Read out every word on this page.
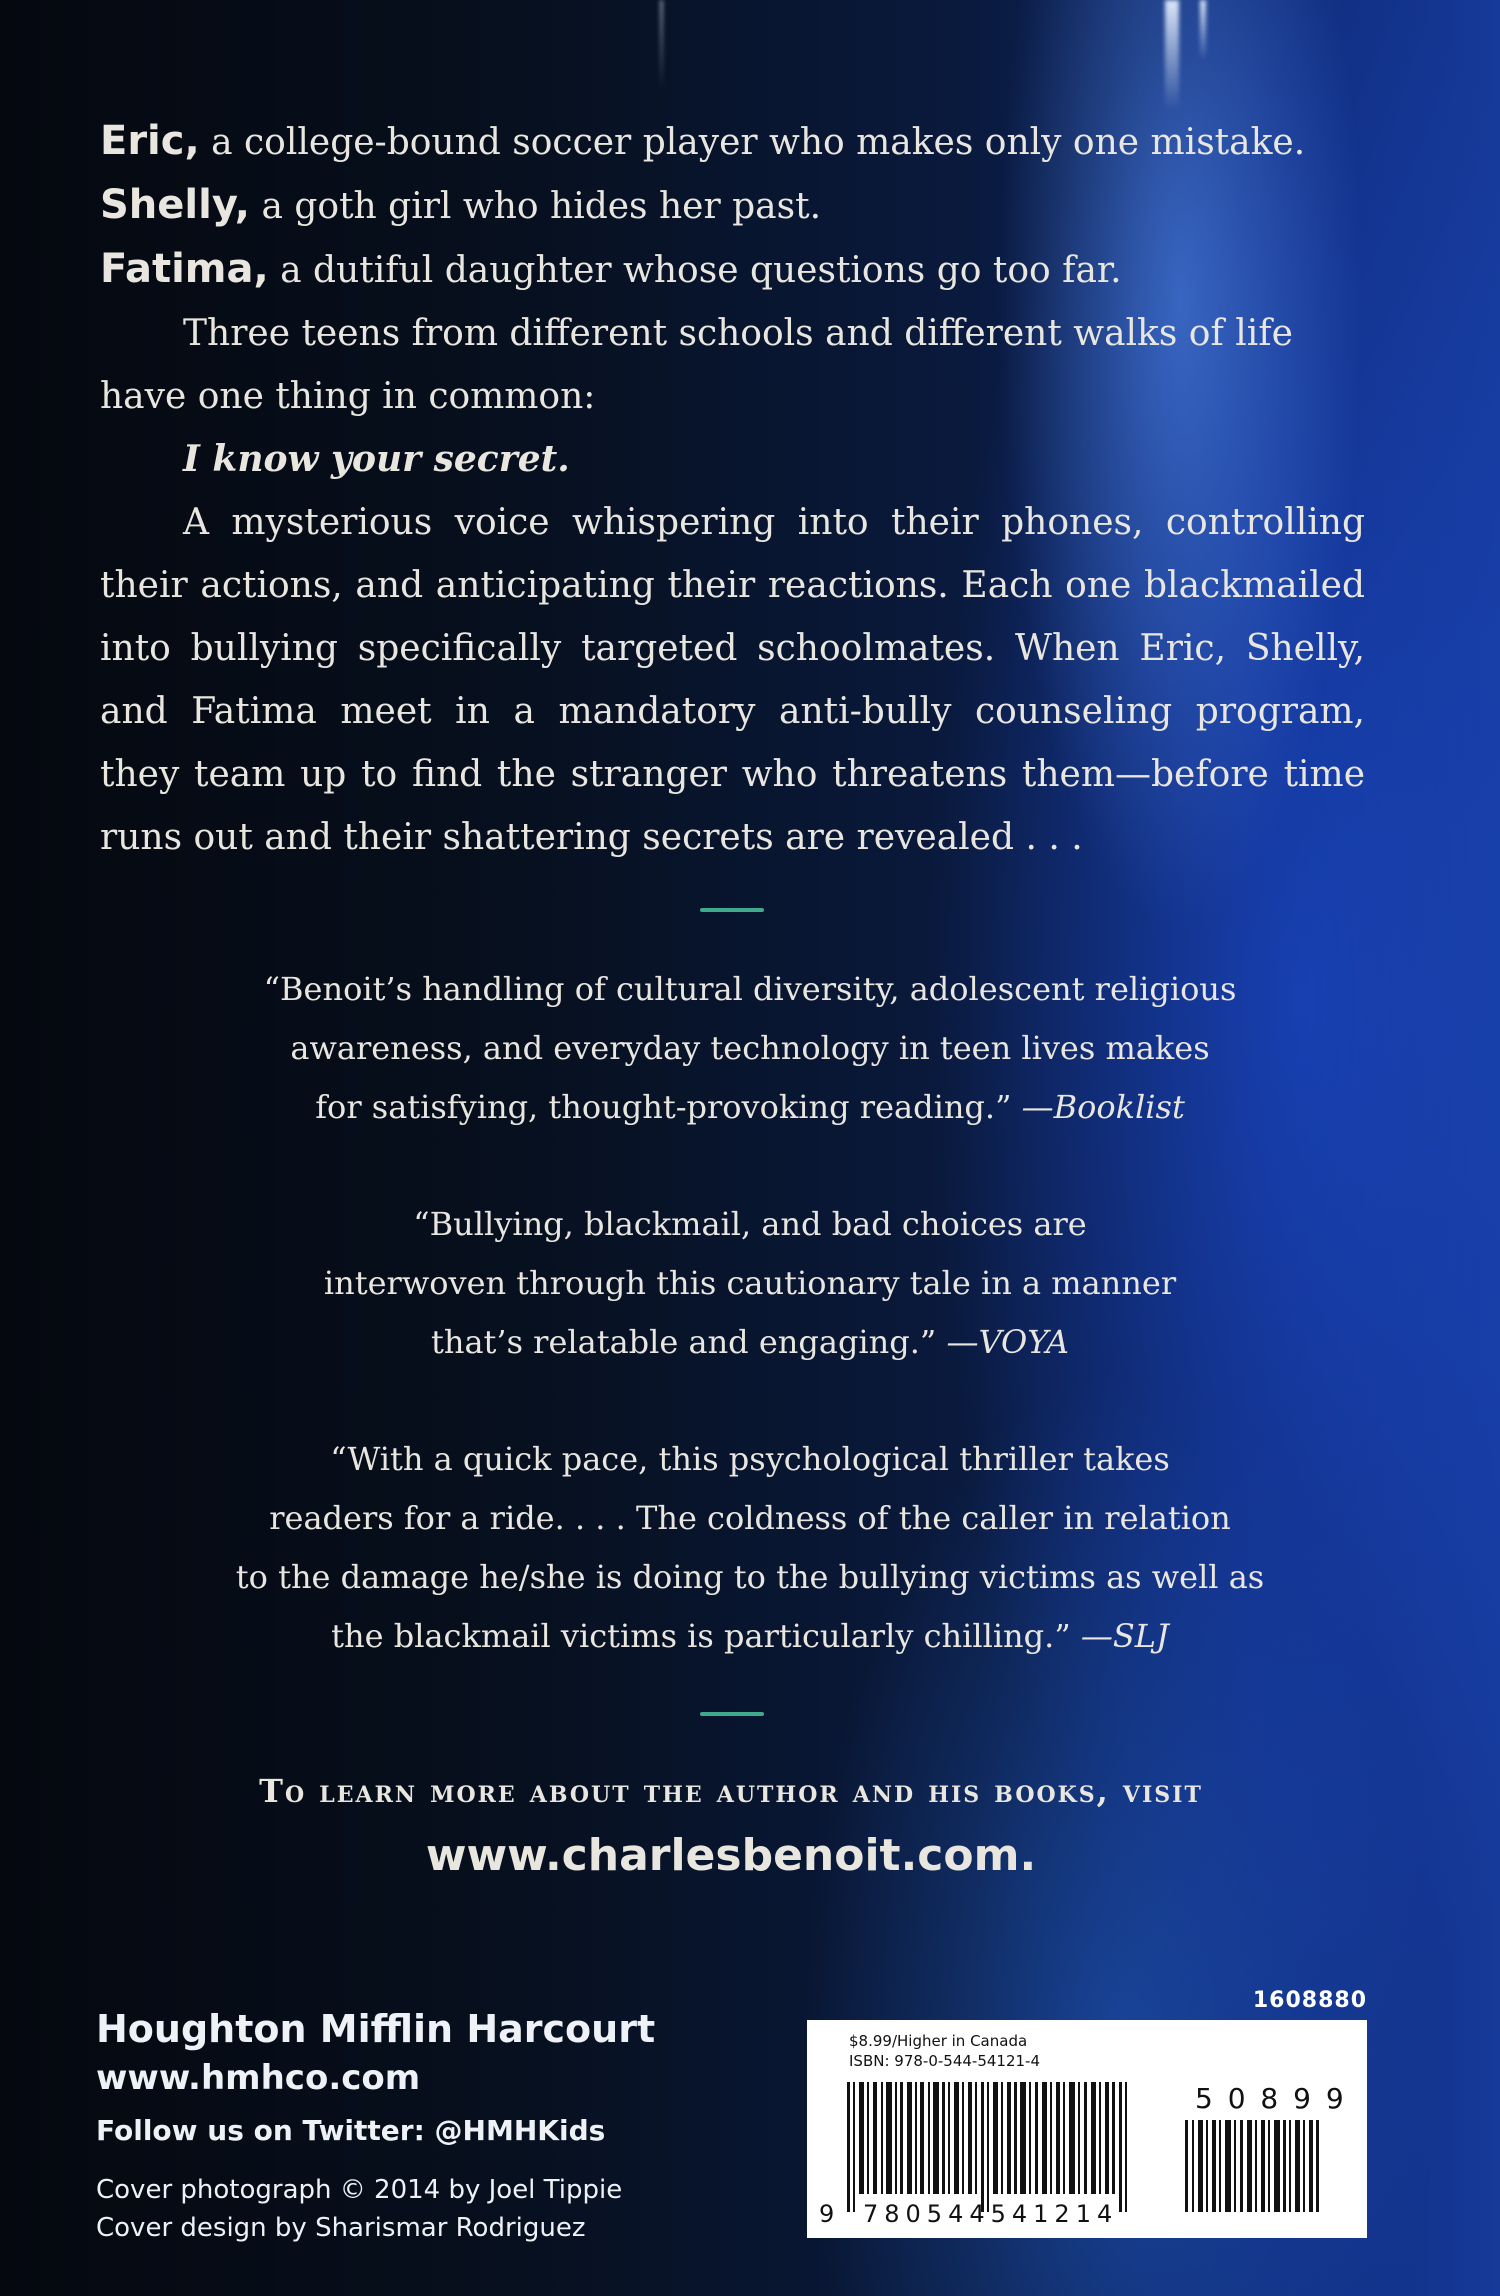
Eric, a college-bound soccer player who makes only one mistake.
Shelly, a goth girl who hides her past.
Fatima, a dutiful daughter whose questions go too far.
Three teens from different schools and different walks of life
have one thing in common:
I know your secret.
A mysterious voice whispering into their phones, controlling
their actions, and anticipating their reactions. Each one blackmailed
into bullying specifically targeted schoolmates. When Eric, Shelly,
and Fatima meet in a mandatory anti-bully counseling program,
they team up to find the stranger who threatens them—before time
runs out and their shattering secrets are revealed . . .
“Benoit’s handling of cultural diversity, adolescent religious
awareness, and everyday technology in teen lives makes
for satisfying, thought-provoking reading.” —Booklist
“Bullying, blackmail, and bad choices are
interwoven through this cautionary tale in a manner
that’s relatable and engaging.” —VOYA
“With a quick pace, this psychological thriller takes
readers for a ride. . . . The coldness of the caller in relation
to the damage he/she is doing to the bullying victims as well as
the blackmail victims is particularly chilling.” —SLJ
To learn more about the author and his books, visit
www.charlesbenoit.com.
Houghton Mifflin Harcourt
www.hmhco.com
Follow us on Twitter: @HMHKids
Cover photograph © 2014 by Joel Tippie
Cover design by Sharismar Rodriguez
1608880
$8.99/Higher in Canada
ISBN: 978-0-544-54121-4
5 0 8 9 9
9 780544541214
